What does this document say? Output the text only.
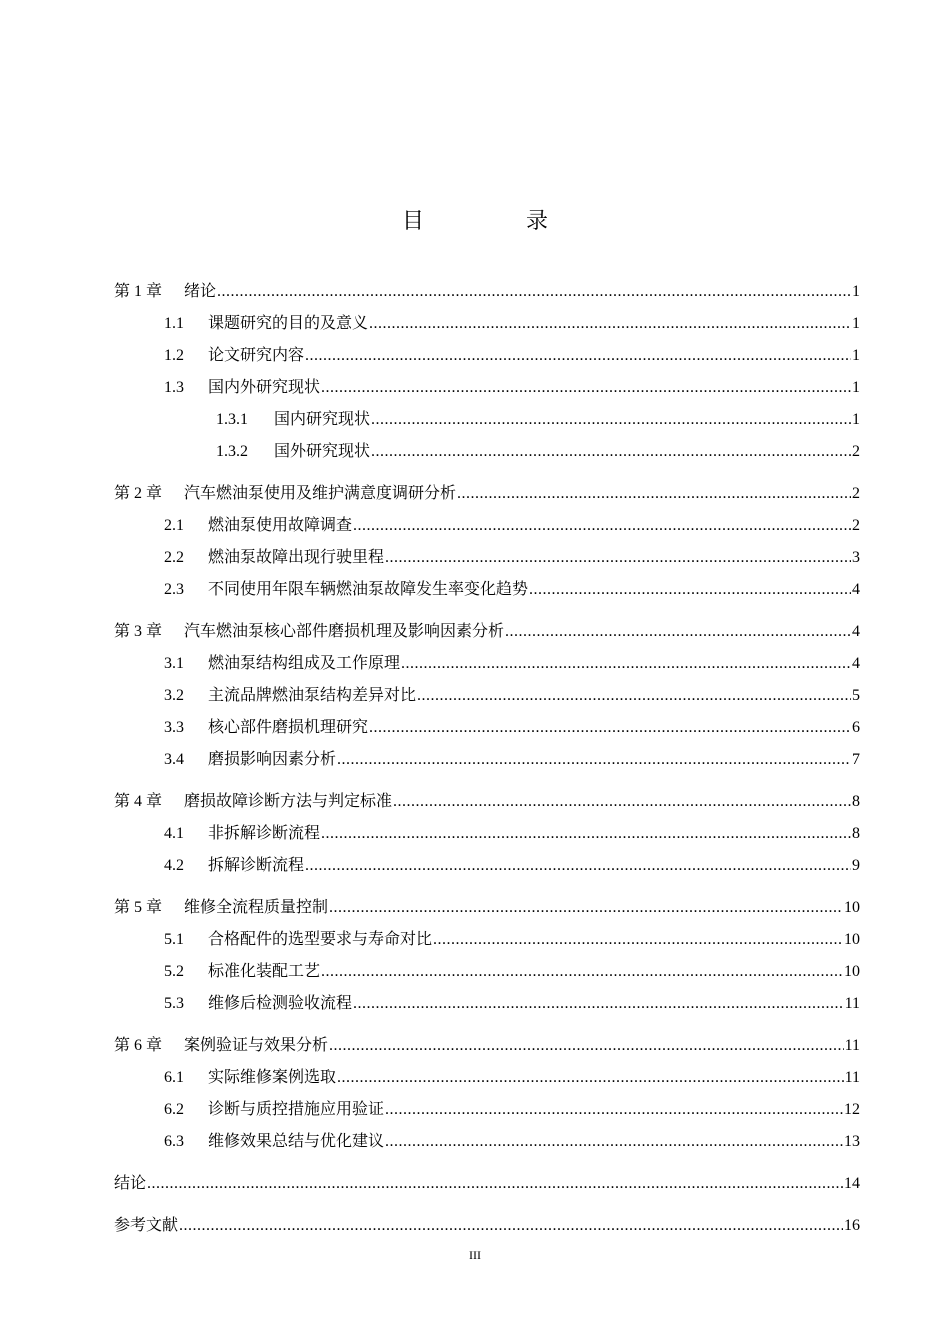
目　录
第 1 章 绪论 .....	1
1.1	课题研究的目的及意义 .....	1
1.2	论文研究内容 .....	1
1.3	国内外研究现状 .....	1
1.3.1	国内研究现状 .....	1
1.3.2	国外研究现状 .....	2
第 2 章 汽车燃油泵使用及维护满意度调研分析 .....	2
2.1	燃油泵使用故障调查 .....	2
2.2	燃油泵故障出现行驶里程 .....	3
2.3	不同使用年限车辆燃油泵故障发生率变化趋势 .....	4
第 3 章 汽车燃油泵核心部件磨损机理及影响因素分析 .....	4
3.1	燃油泵结构组成及工作原理 .....	4
3.2	主流品牌燃油泵结构差异对比 .....	5
3.3	核心部件磨损机理研究 .....	6
3.4	磨损影响因素分析 .....	7
第 4 章 磨损故障诊断方法与判定标准 .....	8
4.1	非拆解诊断流程 .....	8
4.2	拆解诊断流程 .....	9
第 5 章 维修全流程质量控制 .....	10
5.1	合格配件的选型要求与寿命对比 .....	10
5.2	标准化装配工艺 .....	10
5.3	维修后检测验收流程 .....	11
第 6 章 案例验证与效果分析 .....	11
6.1	实际维修案例选取 .....	11
6.2	诊断与质控措施应用验证 .....	12
6.3	维修效果总结与优化建议 .....	13
结论 .....	14
参考文献 .....	16
III
